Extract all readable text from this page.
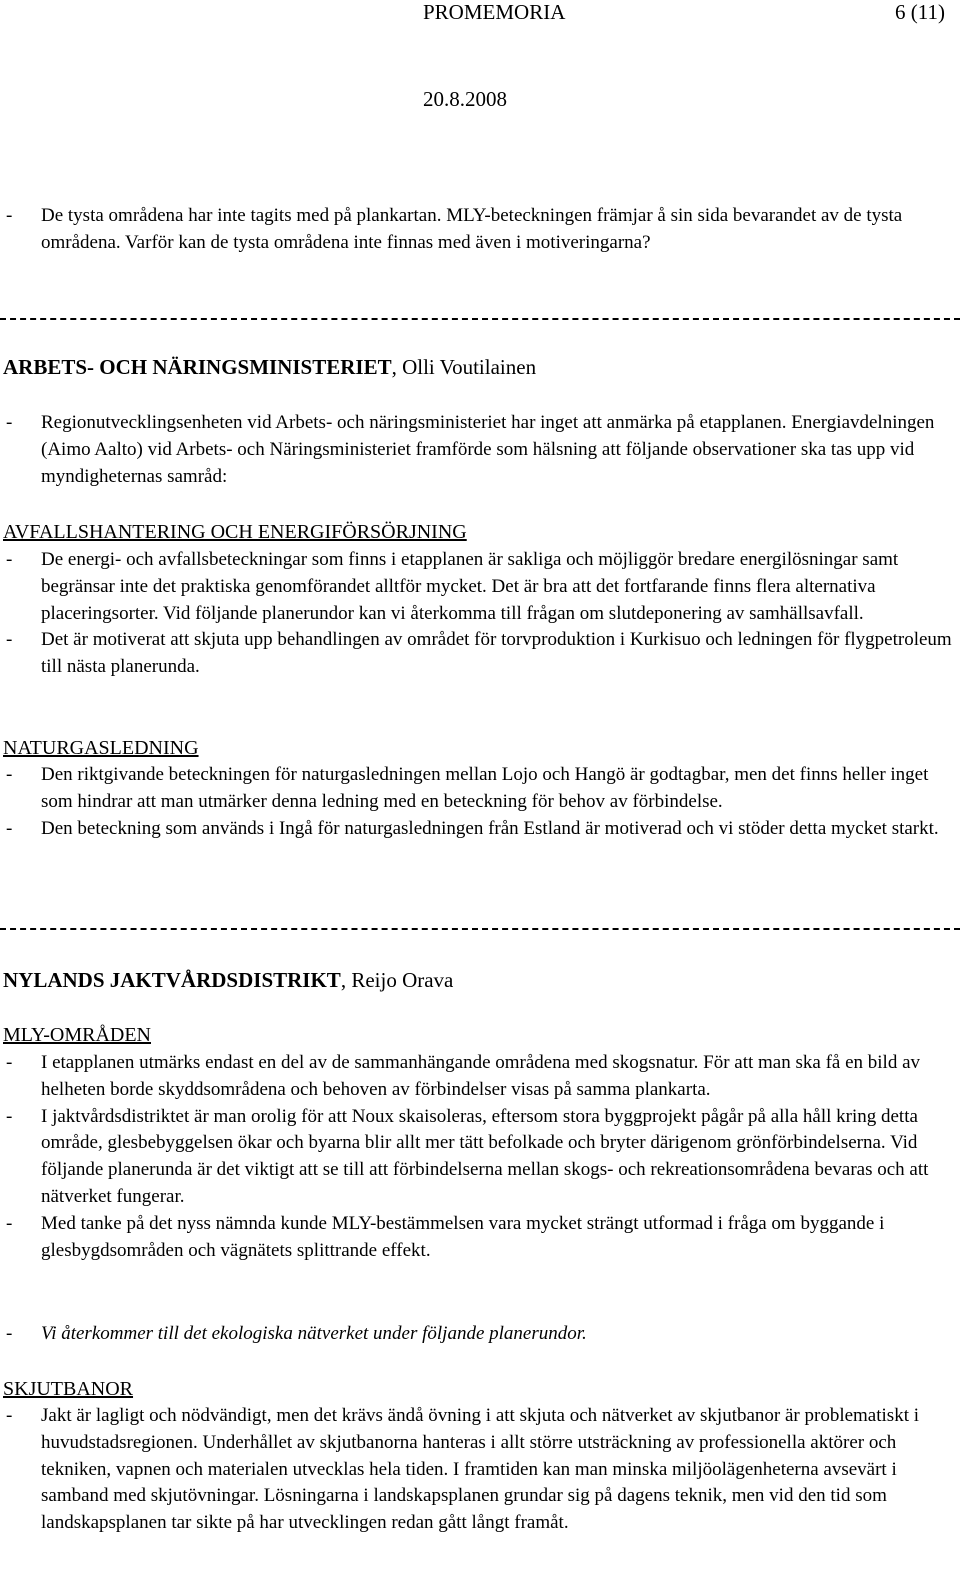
PROMEMORIA	6 (11)
20.8.2008
- De tysta områdena har inte tagits med på plankartan. MLY-beteckningen främjar å sin sida bevarandet av de tysta områdena. Varför kan de tysta områdena inte finnas med även i motiveringarna?
ARBETS- OCH NÄRINGSMINISTERIET, Olli Voutilainen
- Regionutvecklingsenheten vid Arbets- och näringsministeriet har inget att anmärka på etapplanen. Energiavdelningen (Aimo Aalto) vid Arbets- och Näringsministeriet framförde som hälsning att följande observationer ska tas upp vid myndigheternas samråd:
AVFALLSHANTERING OCH ENERGIFÖRSÖRJNING
- De energi- och avfallsbeteckningar som finns i etapplanen är sakliga och möjliggör bredare energilösningar samt begränsar inte det praktiska genomförandet alltför mycket. Det är bra att det fortfarande finns flera alternativa placeringsorter. Vid följande planerundor kan vi återkomma till frågan om slutdeponering av samhällsavfall.
- Det är motiverat att skjuta upp behandlingen av området för torvproduktion i Kurkisuo och ledningen för flygpetroleum till nästa planerunda.
NATURGASLEDNING
- Den riktgivande beteckningen för naturgasledningen mellan Lojo och Hangö är godtagbar, men det finns heller inget som hindrar att man utmärker denna ledning med en beteckning för behov av förbindelse.
- Den beteckning som används i Ingå för naturgasledningen från Estland är motiverad och vi stöder detta mycket starkt.
NYLANDS JAKTVÅRDSDISTRIKT, Reijo Orava
MLY-OMRÅDEN
- I etapplanen utmärks endast en del av de sammanhängande områdena med skogsnatur. För att man ska få en bild av helheten borde skyddsområdena och behoven av förbindelser visas på samma plankarta.
- I jaktvårdsdistriktet är man orolig för att Noux skaisoleras, eftersom stora byggprojekt pågår på alla håll kring detta område, glesbebyggelsen ökar och byarna blir allt mer tätt befolkade och bryter därigenom grönförbindelserna. Vid följande planerunda är det viktigt att se till att förbindelserna mellan skogs- och rekreationsområdena bevaras och att nätverket fungerar.
- Med tanke på det nyss nämnda kunde MLY-bestämmelsen vara mycket strängt utformad i fråga om byggande i glesbygdsområden och vägnätets splittrande effekt.
- Vi återkommer till det ekologiska nätverket under följande planerundor.
SKJUTBANOR
- Jakt är lagligt och nödvändigt, men det krävs ändå övning i att skjuta och nätverket av skjutbanor är problematiskt i huvudstadsregionen. Underhållet av skjutbanorna hanteras i allt större utsträckning av professionella aktörer och tekniken, vapnen och materialen utvecklas hela tiden. I framtiden kan man minska miljöolägenheterna avsevärt i samband med skjutövningar. Lösningarna i landskapsplanen grundar sig på dagens teknik, men vid den tid som landskapsplanen tar sikte på har utvecklingen redan gått långt framåt.
